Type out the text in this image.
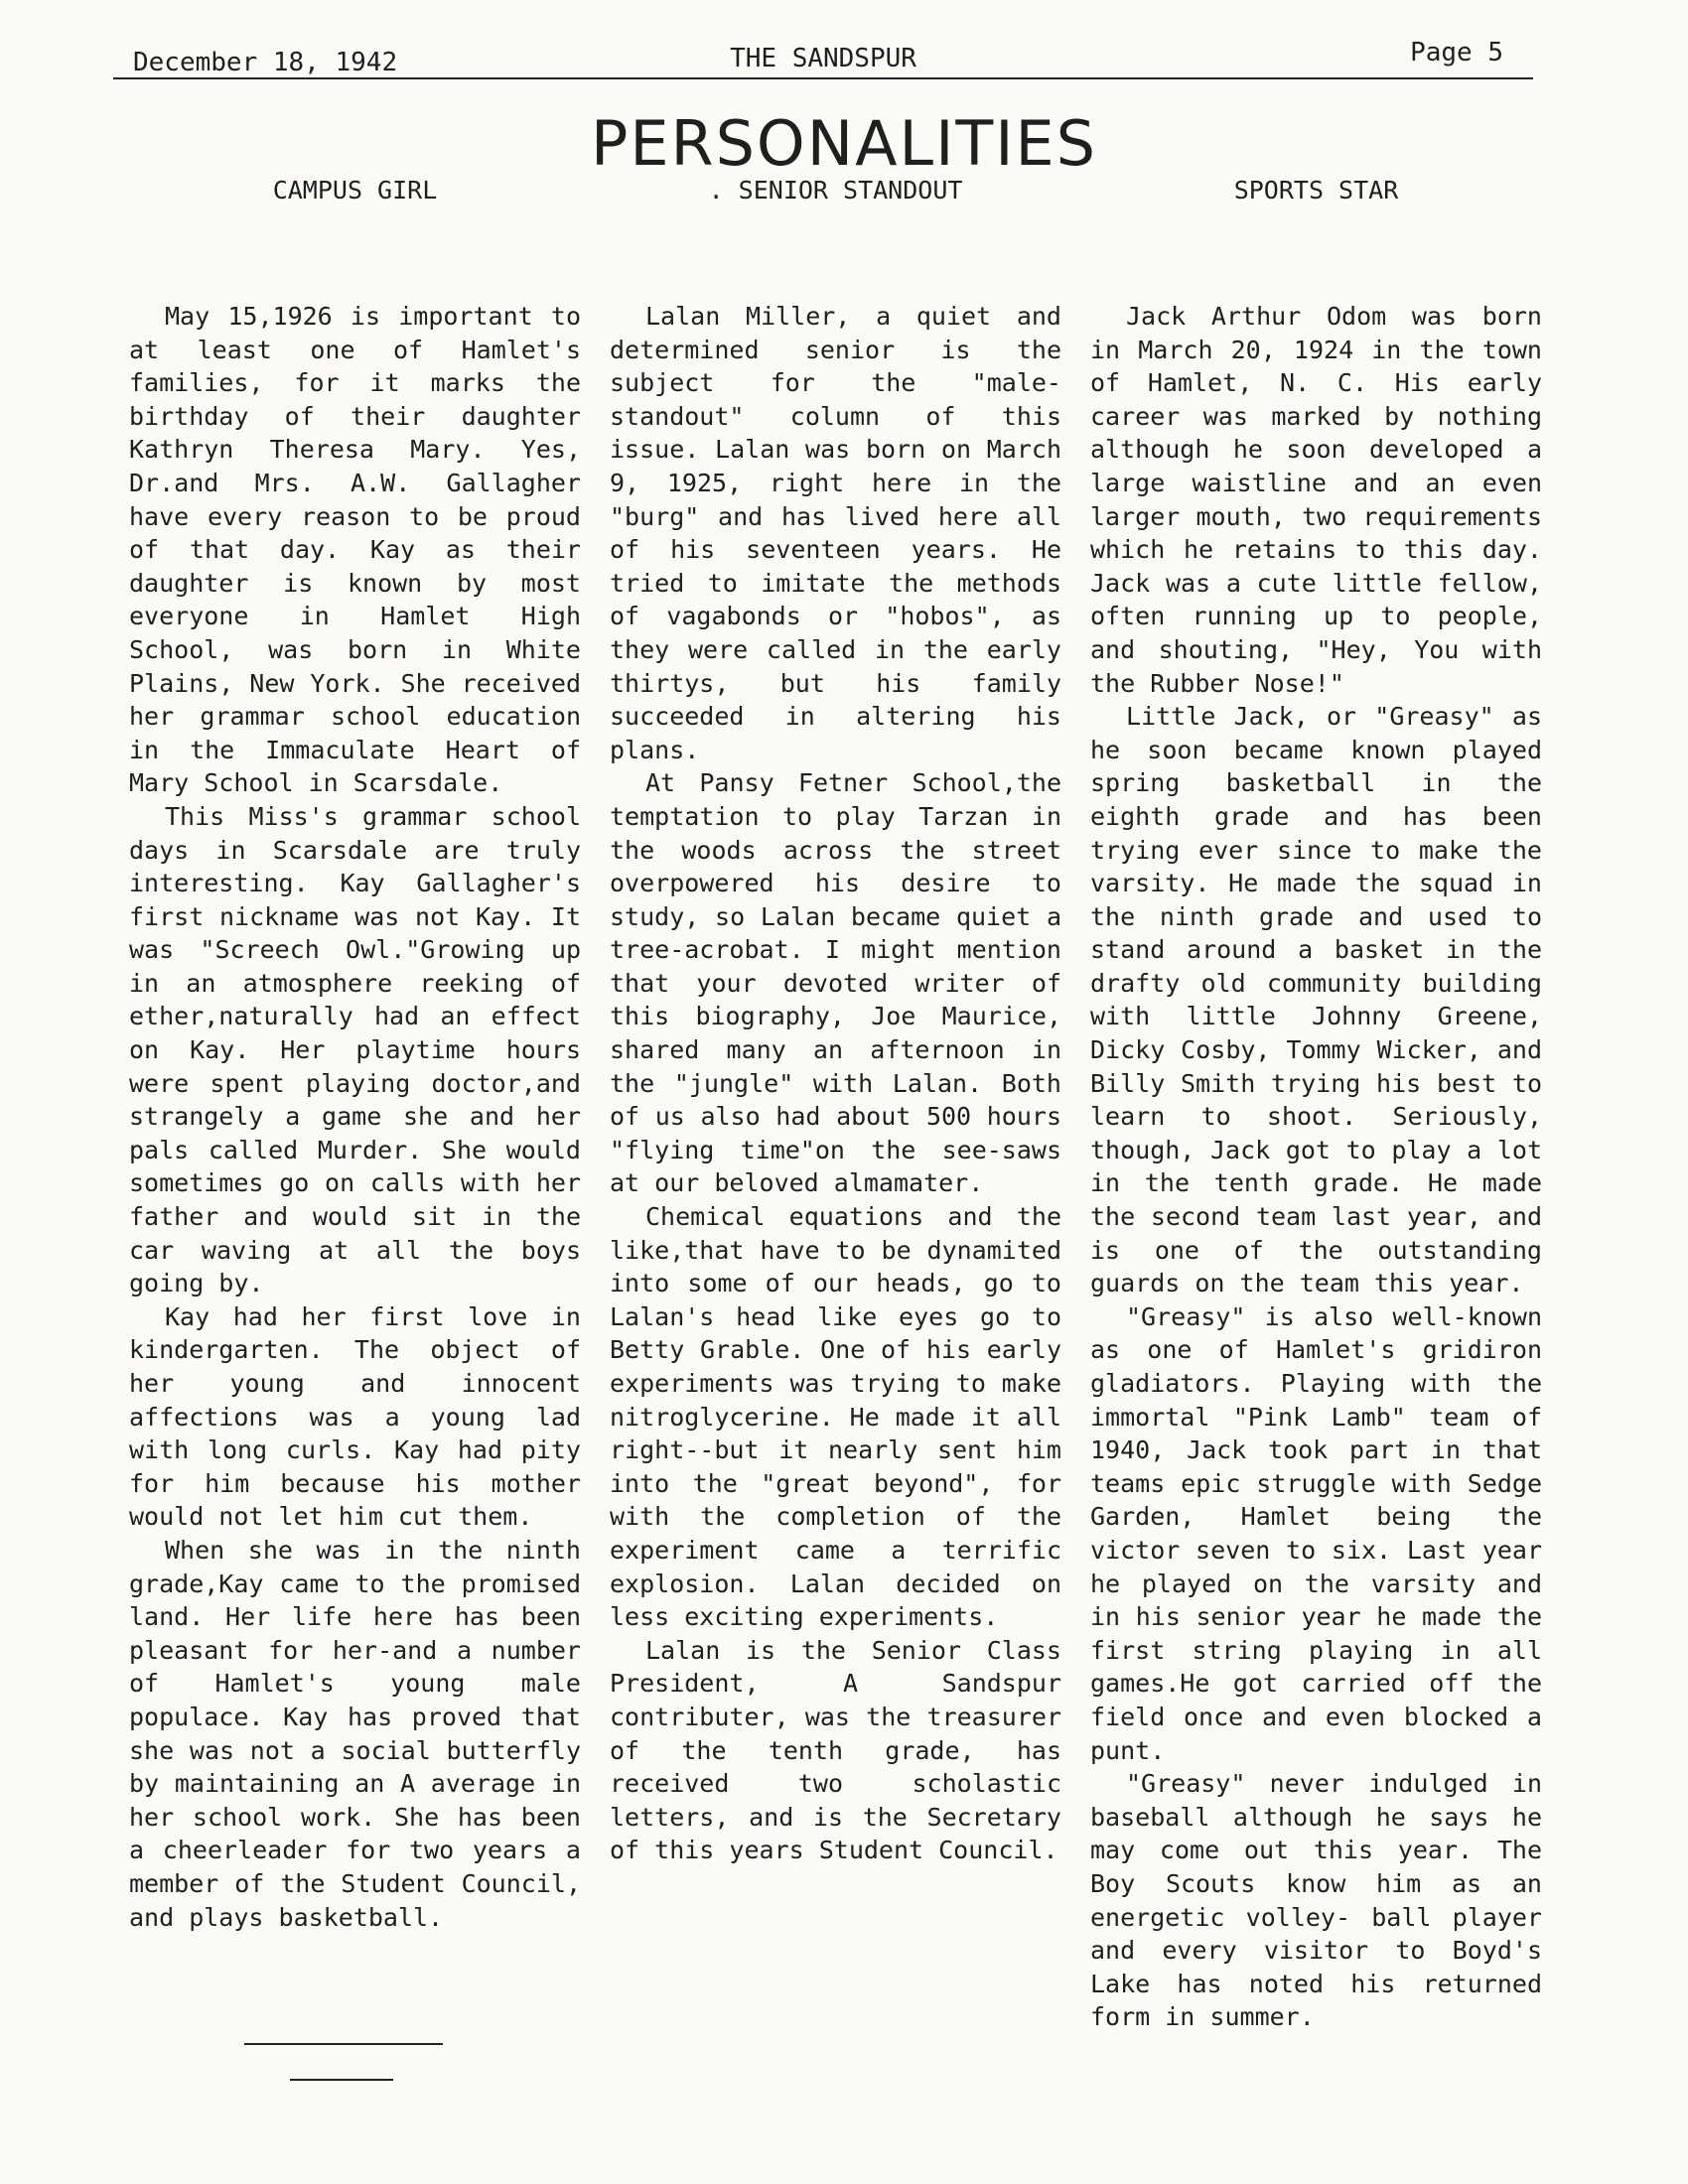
December 18, 1942	THE SANDSPUR	Page 5
PERSONALITIES
CAMPUS GIRL

May 15,1926 is important to at least one of Hamlet's families, for it marks the birthday of their daughter Kathryn Theresa Mary. Yes, Dr.and Mrs. A.W. Gallagher have every reason to be proud of that day. Kay as their daughter is known by most everyone in Hamlet High School, was born in White Plains, New York. She received her grammar school education in the Immaculate Heart of Mary School in Scarsdale.

This Miss's grammar school days in Scarsdale are truly interesting. Kay Gallagher's first nickname was not Kay. It was "Screech Owl."Growing up in an atmosphere reeking of ether,naturally had an effect on Kay. Her playtime hours were spent playing doctor,and strangely a game she and her pals called Murder. She would sometimes go on calls with her father and would sit in the car waving at all the boys going by.

Kay had her first love in kindergarten. The object of her young and innocent affections was a young lad with long curls. Kay had pity for him because his mother would not let him cut them.

When she was in the ninth grade,Kay came to the promised land. Her life here has been pleasant for her-and a number of Hamlet's young male populace. Kay has proved that she was not a social butterfly by maintaining an A average in her school work. She has been a cheerleader for two years a member of the Student Council, and plays basketball.

. SENIOR STANDOUT

Lalan Miller, a quiet and determined senior is the subject for the "male-standout" column of this issue. Lalan was born on March 9, 1925, right here in the "burg" and has lived here all of his seventeen years. He tried to imitate the methods of vagabonds or "hobos", as they were called in the early thirtys, but his family succeeded in altering his plans.

At Pansy Fetner School,the temptation to play Tarzan in the woods across the street overpowered his desire to study, so Lalan became quiet a tree-acrobat. I might mention that your devoted writer of this biography, Joe Maurice, shared many an afternoon in the "jungle" with Lalan. Both of us also had about 500 hours "flying time"on the see-saws at our beloved almamater.

Chemical equations and the like,that have to be dynamited into some of our heads, go to Lalan's head like eyes go to Betty Grable. One of his early experiments was trying to make nitroglycerine. He made it all right--but it nearly sent him into the "great beyond", for with the completion of the experiment came a terrific explosion. Lalan decided on less exciting experiments.

Lalan is the Senior Class President, A Sandspur contributer, was the treasurer of the tenth grade, has received two scholastic letters, and is the Secretary of this years Student Council.

SPORTS STAR

Jack Arthur Odom was born in March 20, 1924 in the town of Hamlet, N. C. His early career was marked by nothing although he soon developed a large waistline and an even larger mouth, two requirements which he retains to this day. Jack was a cute little fellow, often running up to people, and shouting, "Hey, You with the Rubber Nose!"

Little Jack, or "Greasy" as he soon became known played spring basketball in the eighth grade and has been trying ever since to make the varsity. He made the squad in the ninth grade and used to stand around a basket in the drafty old community building with little Johnny Greene, Dicky Cosby, Tommy Wicker, and Billy Smith trying his best to learn to shoot. Seriously, though, Jack got to play a lot in the tenth grade. He made the second team last year, and is one of the outstanding guards on the team this year.

"Greasy" is also well-known as one of Hamlet's gridiron gladiators. Playing with the immortal "Pink Lamb" team of 1940, Jack took part in that teams epic struggle with Sedge Garden, Hamlet being the victor seven to six. Last year he played on the varsity and in his senior year he made the first string playing in all games.He got carried off the field once and even blocked a punt.

"Greasy" never indulged in baseball although he says he may come out this year. The Boy Scouts know him as an energetic volley- ball player and every visitor to Boyd's Lake has noted his returned form in summer.
